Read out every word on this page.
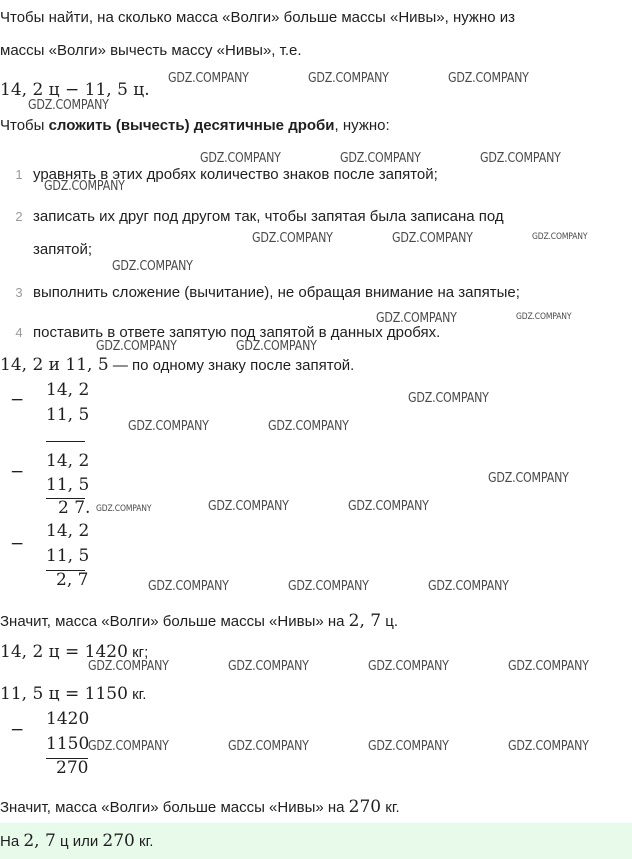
Чтобы найти, на сколько масса «Волги» больше массы «Нивы», нужно из
массы «Волги» вычесть массу «Нивы», т.е.
14, 2 ц − 11, 5 ц.
Чтобы сложить (вычесть) десятичные дроби, нужно:
1 уравнять в этих дробях количество знаков после запятой;
2 записать их друг под другом так, чтобы запятая была записана под
запятой;
3 выполнить сложение (вычитание), не обращая внимание на запятые;
4 поставить в ответе запятую под запятой в данных дробях.
14, 2 и 11, 5 — по одному знаку после запятой.
− 14, 2
11, 5
−
14, 2
11, 5
2 7.
−
14, 2
11, 5
2, 7
Значит, масса «Волги» больше массы «Нивы» на 2, 7 ц.
14, 2 ц = 1420 кг;
11, 5 ц = 1150 кг.
−
1420
1150
270
Значит, масса «Волги» больше массы «Нивы» на 270 кг.
На 2, 7 ц или 270 кг.
GDZ.COMPANY	GDZ.COMPANY	GDZ.COMPANY
GDZ.COMPANY
GDZ.COMPANY	GDZ.COMPANY	GDZ.COMPANY
GDZ.COMPANY
GDZ.COMPANY	GDZ.COMPANY	GDZ.COMPANY
GDZ.COMPANY
GDZ.COMPANY	GDZ.COMPANY
GDZ.COMPANY	GDZ.COMPANY
GDZ.COMPANY
GDZ.COMPANY	GDZ.COMPANY
GDZ.COMPANY
GDZ.COMPANY	GDZ.COMPANY	GDZ.COMPANY
GDZ.COMPANY	GDZ.COMPANY	GDZ.COMPANY
GDZ.COMPANY	GDZ.COMPANY	GDZ.COMPANY	GDZ.COMPANY
GDZ.COMPANY	GDZ.COMPANY	GDZ.COMPANY	GDZ.COMPANY
